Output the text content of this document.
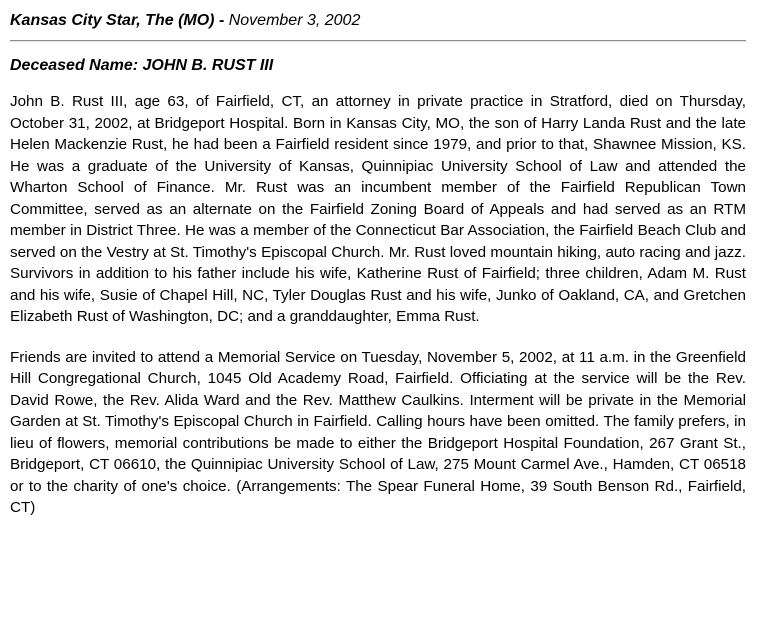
Kansas City Star, The (MO) - November 3, 2002
Deceased Name: JOHN B. RUST III

John B. Rust III, age 63, of Fairfield, CT, an attorney in private practice in Stratford, died on Thursday, October 31, 2002, at Bridgeport Hospital. Born in Kansas City, MO, the son of Harry Landa Rust and the late Helen Mackenzie Rust, he had been a Fairfield resident since 1979, and prior to that, Shawnee Mission, KS. He was a graduate of the University of Kansas, Quinnipiac University School of Law and attended the Wharton School of Finance. Mr. Rust was an incumbent member of the Fairfield Republican Town Committee, served as an alternate on the Fairfield Zoning Board of Appeals and had served as an RTM member in District Three. He was a member of the Connecticut Bar Association, the Fairfield Beach Club and served on the Vestry at St. Timothy's Episcopal Church. Mr. Rust loved mountain hiking, auto racing and jazz. Survivors in addition to his father include his wife, Katherine Rust of Fairfield; three children, Adam M. Rust and his wife, Susie of Chapel Hill, NC, Tyler Douglas Rust and his wife, Junko of Oakland, CA, and Gretchen Elizabeth Rust of Washington, DC; and a granddaughter, Emma Rust.

Friends are invited to attend a Memorial Service on Tuesday, November 5, 2002, at 11 a.m. in the Greenfield Hill Congregational Church, 1045 Old Academy Road, Fairfield. Officiating at the service will be the Rev. David Rowe, the Rev. Alida Ward and the Rev. Matthew Caulkins. Interment will be private in the Memorial Garden at St. Timothy's Episcopal Church in Fairfield. Calling hours have been omitted. The family prefers, in lieu of flowers, memorial contributions be made to either the Bridgeport Hospital Foundation, 267 Grant St., Bridgeport, CT 06610, the Quinnipiac University School of Law, 275 Mount Carmel Ave., Hamden, CT 06518 or to the charity of one's choice. (Arrangements: The Spear Funeral Home, 39 South Benson Rd., Fairfield, CT)
